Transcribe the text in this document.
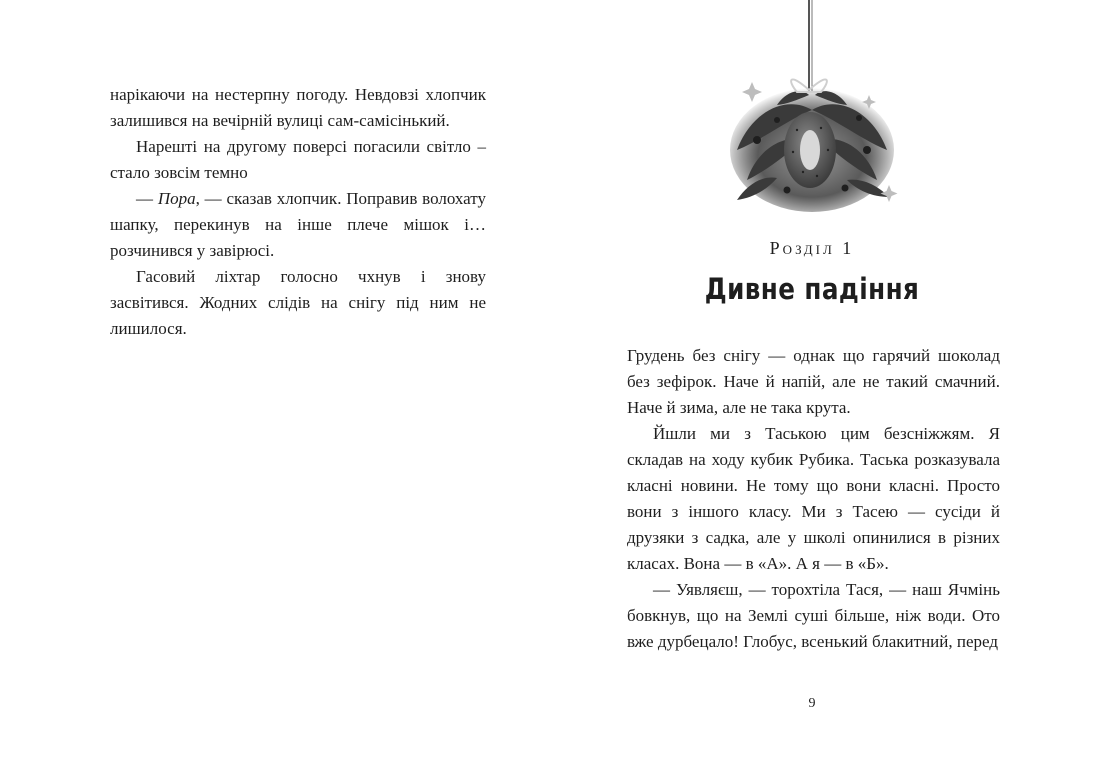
нарікаючи на нестерпну погоду. Невдовзі хлопчик залишився на вечірній вулиці сам-самісінький.

Нарешті на другому поверсі погасили світло – стало зовсім темно

— Пора, — сказав хлопчик. Поправив волохату шапку, перекинув на інше плече мішок і… розчинився у завірюсі.

Гасовий ліхтар голосно чхнув і знову засвітився. Жодних слідів на снігу під ним не лишилося.

Розділ 1
Дивне падіння

Грудень без снігу — однак що гарячий шоколад без зефірок. Наче й напій, але не такий смачний. Наче й зима, але не така крута.

Йшли ми з Таською цим безсніжжям. Я складав на ходу кубик Рубика. Таська розказувала класні новини. Не тому що вони класні. Просто вони з іншого класу. Ми з Тасею — сусіди й друзяки з садка, але у школі опинилися в різних класах. Вона — в «А». А я — в «Б».

— Уявляєш, — торохтіла Тася, — наш Ячмінь бовкнув, що на Землі суші більше, ніж води. Ото вже дурбецало! Глобус, всенький блакитний, перед

9
